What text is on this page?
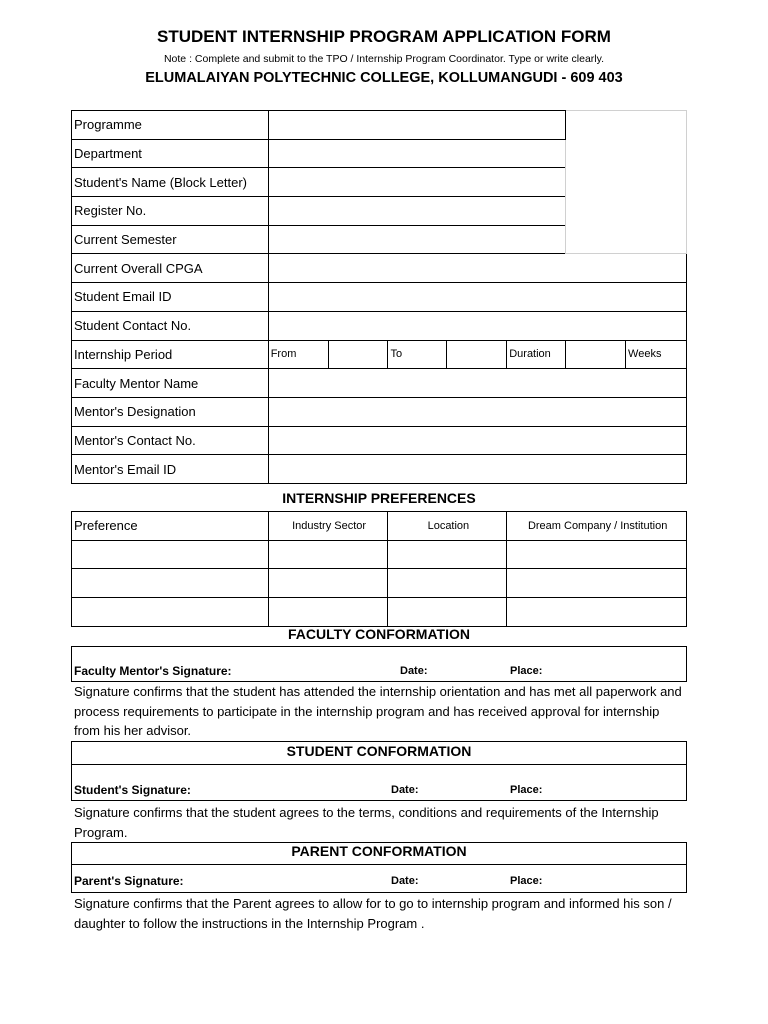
STUDENT INTERNSHIP PROGRAM APPLICATION FORM
Note : Complete and submit to the TPO / Internship Program Coordinator. Type or write clearly.
ELUMALAIYAN POLYTECHNIC COLLEGE, KOLLUMANGUDI - 609 403
Programme							
Department							
Student's Name (Block Letter)							
Register No.							
Current Semester							
Current Overall CPGA							
Student Email ID							
Student Contact No.							
Internship Period	From		To		Duration		Weeks
Faculty Mentor Name							
Mentor's Designation							
Mentor's Contact No.							
Mentor's Email ID							
INTERNSHIP PREFERENCES
Preference	Industry Sector	Location	Dream Company / Institution

FACULTY CONFORMATION
Faculty Mentor's Signature:	Date:	Place:
Signature confirms that the student has attended the internship orientation and has met all paperwork and process requirements to participate in the internship program and has received approval for internship from his her advisor.
STUDENT CONFORMATION
Student's Signature:	Date:	Place:
Signature confirms that the student agrees to the terms, conditions and requirements of the Internship Program.
PARENT CONFORMATION
Parent's Signature:	Date:	Place:
Signature confirms that the Parent agrees to allow for to go to internship program and informed his son / daughter to follow the instructions in the Internship Program .
